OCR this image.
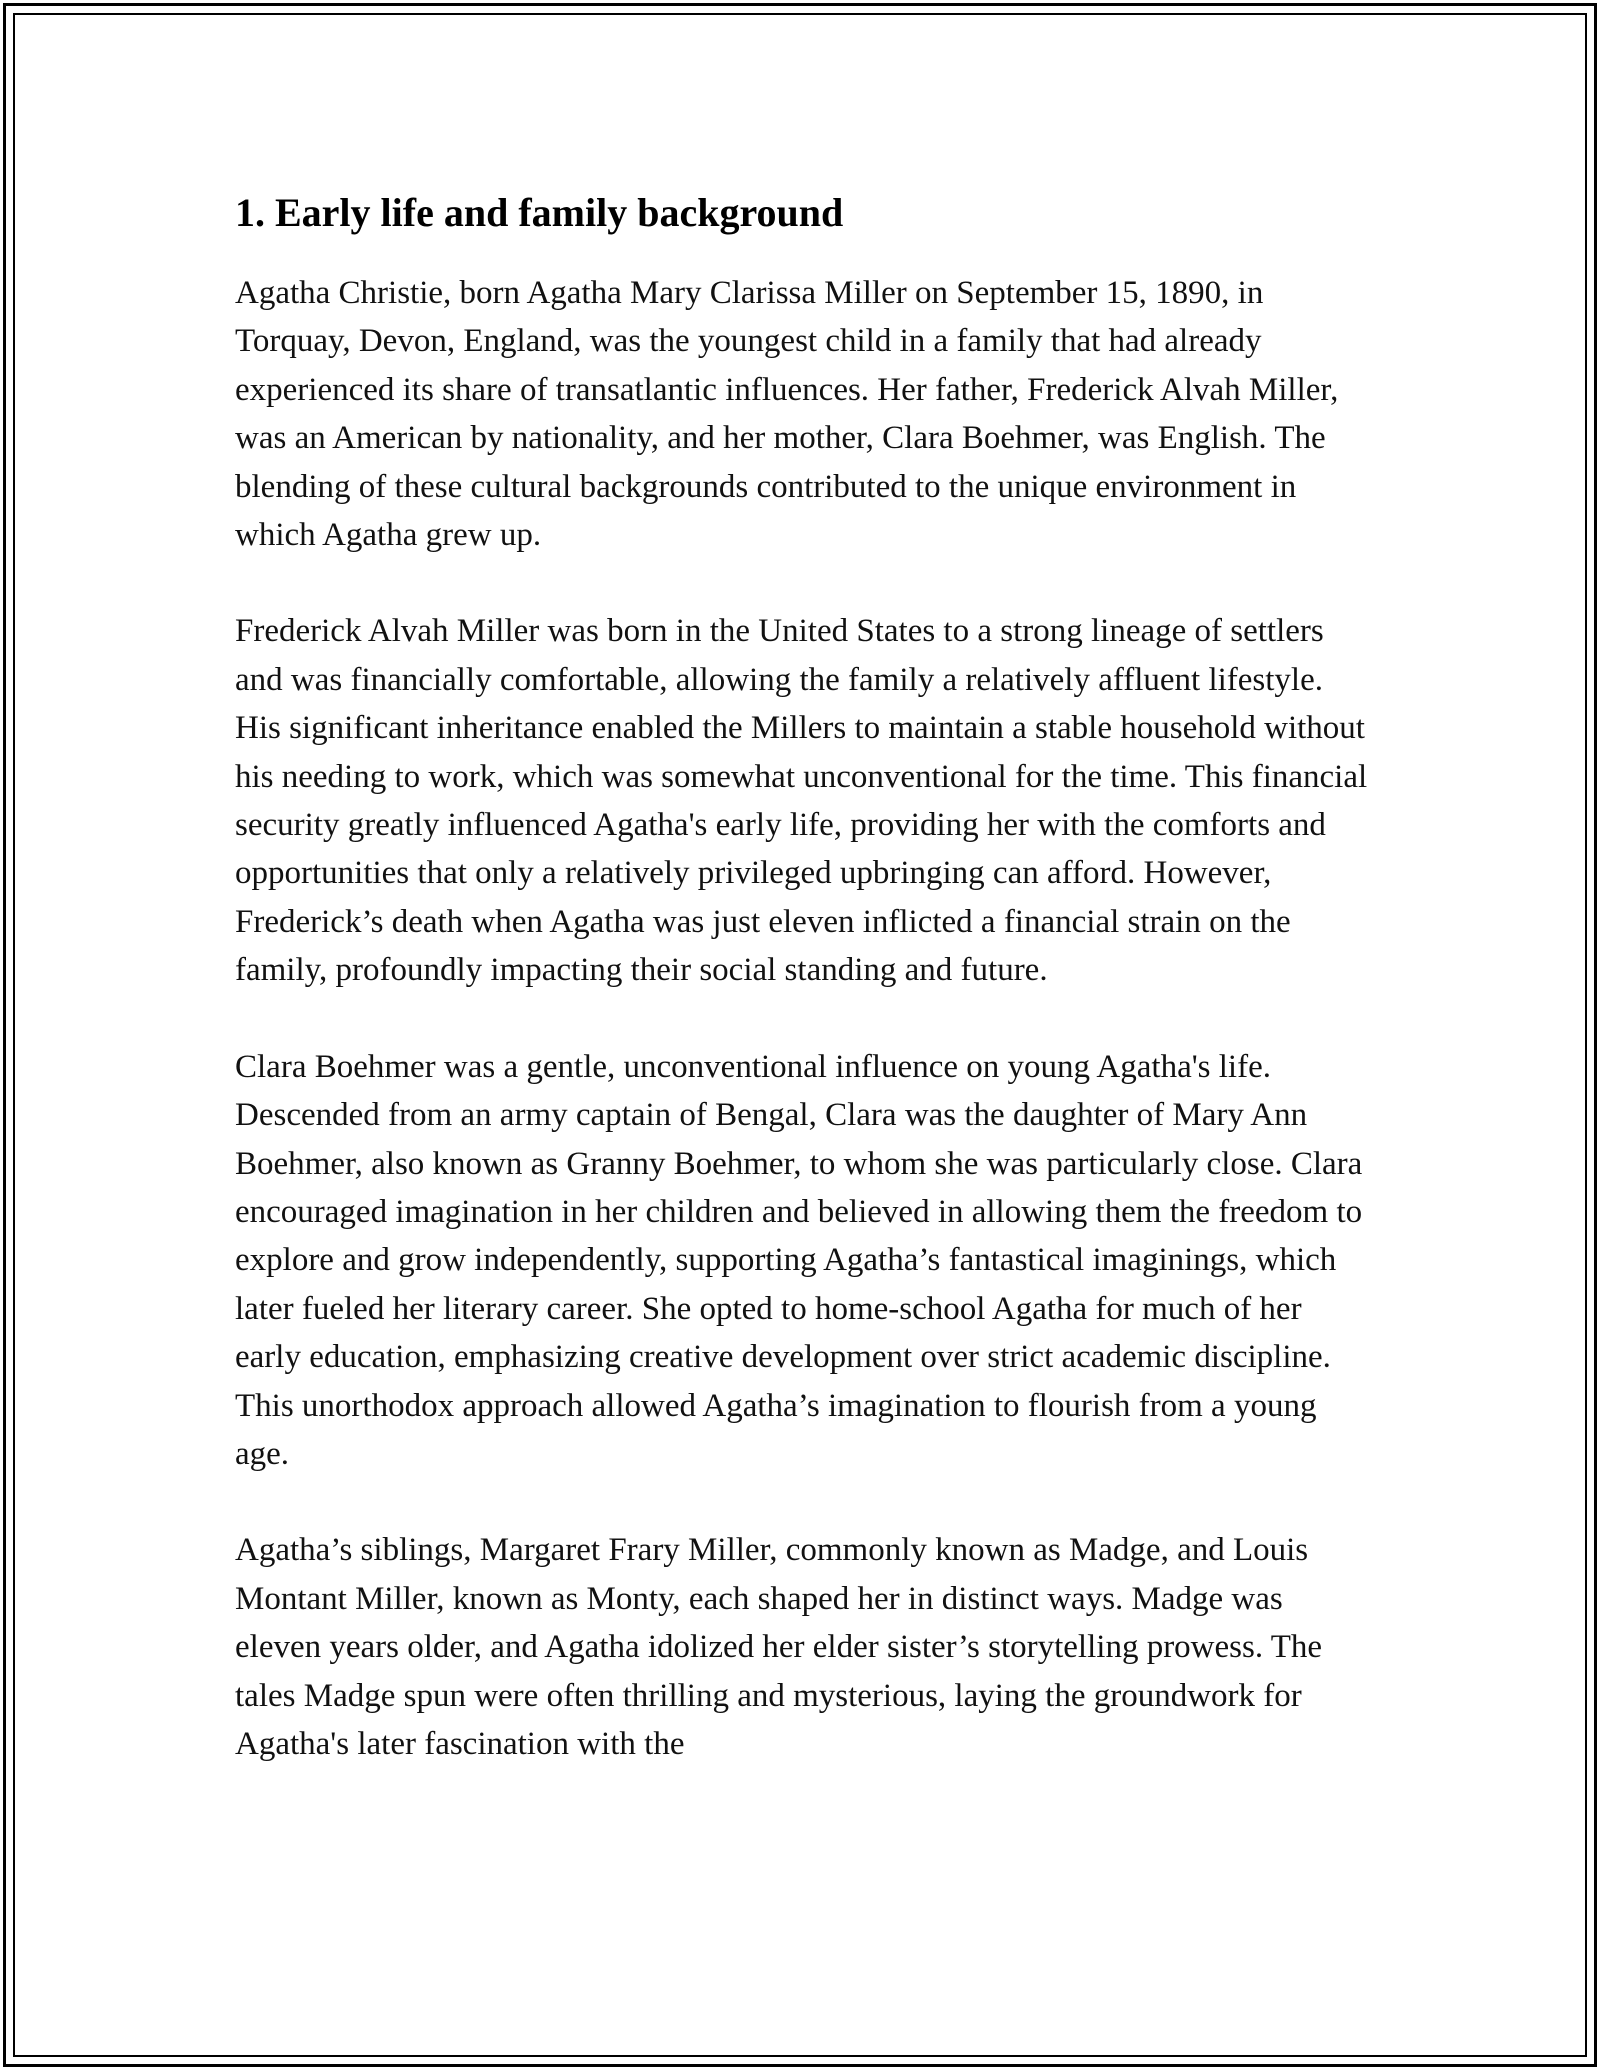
1. Early life and family background

Agatha Christie, born Agatha Mary Clarissa Miller on September 15, 1890, in Torquay, Devon, England, was the youngest child in a family that had already experienced its share of transatlantic influences. Her father, Frederick Alvah Miller, was an American by nationality, and her mother, Clara Boehmer, was English. The blending of these cultural backgrounds contributed to the unique environment in which Agatha grew up.

Frederick Alvah Miller was born in the United States to a strong lineage of settlers and was financially comfortable, allowing the family a relatively affluent lifestyle. His significant inheritance enabled the Millers to maintain a stable household without his needing to work, which was somewhat unconventional for the time. This financial security greatly influenced Agatha's early life, providing her with the comforts and opportunities that only a relatively privileged upbringing can afford. However, Frederick’s death when Agatha was just eleven inflicted a financial strain on the family, profoundly impacting their social standing and future.

Clara Boehmer was a gentle, unconventional influence on young Agatha's life. Descended from an army captain of Bengal, Clara was the daughter of Mary Ann Boehmer, also known as Granny Boehmer, to whom she was particularly close. Clara encouraged imagination in her children and believed in allowing them the freedom to explore and grow independently, supporting Agatha’s fantastical imaginings, which later fueled her literary career. She opted to home-school Agatha for much of her early education, emphasizing creative development over strict academic discipline. This unorthodox approach allowed Agatha’s imagination to flourish from a young age.

Agatha’s siblings, Margaret Frary Miller, commonly known as Madge, and Louis Montant Miller, known as Monty, each shaped her in distinct ways. Madge was eleven years older, and Agatha idolized her elder sister’s storytelling prowess. The tales Madge spun were often thrilling and mysterious, laying the groundwork for Agatha's later fascination with the
